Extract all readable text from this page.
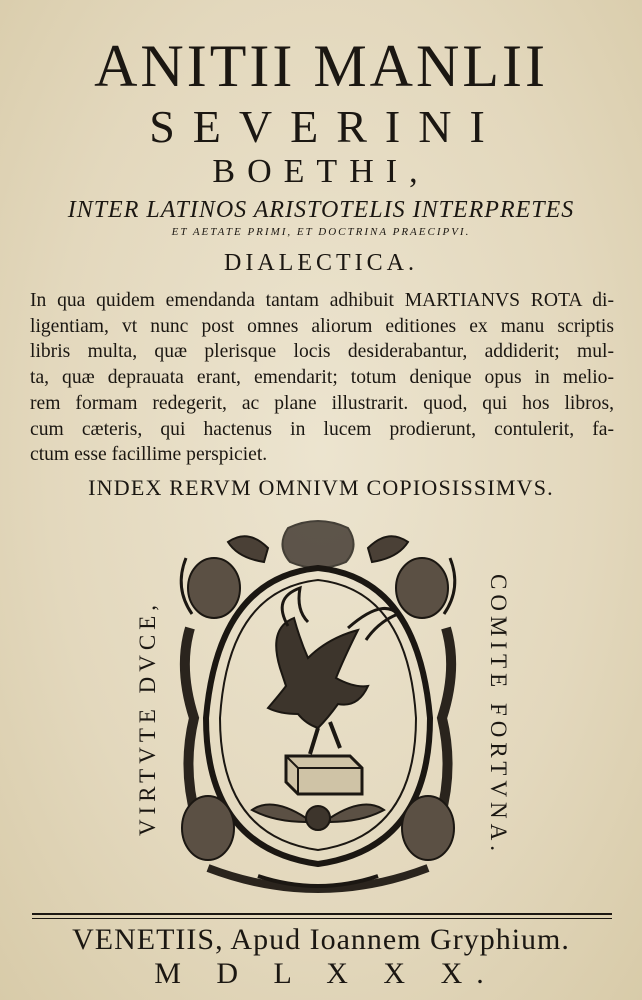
ANITII MANLII
SEVERINI
BOETHI,
INTER LATINOS ARISTOTELIS INTERPRETES
ET AETATE PRIMI, ET DOCTRINA PRAECIPVI.
DIALECTICA.
In qua quidem emendanda tantam adhibuit MARTIANVS ROTA di-
ligentiam, vt nunc post omnes aliorum editiones ex manu scriptis
libris multa, quæ plerisque locis desiderabantur, addiderit; mul-
ta, quæ deprauata erant, emendarit; totum denique opus in melio-
rem formam redegerit, ac plane illustrarit. quod, qui hos libros,
cum cæteris, qui hactenus in lucem prodierunt, contulerit, fa-
ctum esse facillime perspiciet.
INDEX RERVM OMNIVM COPIOSISSIMVS.
VIRTVTE DVCE,	COMITE FORTVNA.
VENETIIS, Apud Ioannem Gryphium.
M D L X X X.
